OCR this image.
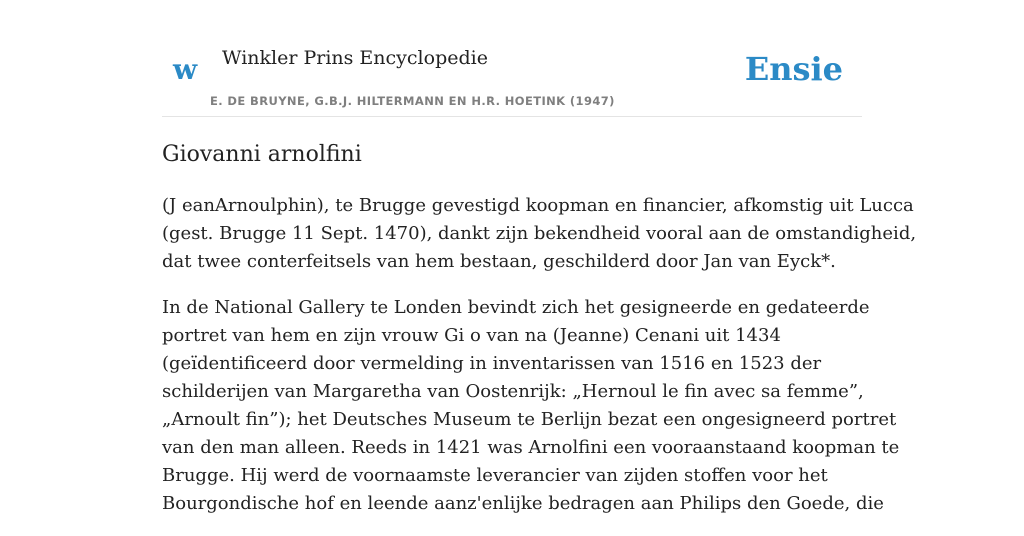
w Winkler Prins Encyclopedie
E. DE BRUYNE, G.B.J. HILTERMANN EN H.R. HOETINK (1947)
Ensie
Giovanni arnolfini

(J eanArnoulphin), te Brugge gevestigd koopman en financier, afkomstig uit Lucca
(gest. Brugge 11 Sept. 1470), dankt zijn bekendheid vooral aan de omstandigheid,
dat twee conterfeitsels van hem bestaan, geschilderd door Jan van Eyck*.

In de National Gallery te Londen bevindt zich het gesigneerde en gedateerde
portret van hem en zijn vrouw Gi o van na (Jeanne) Cenani uit 1434
(geïdentificeerd door vermelding in inventarissen van 1516 en 1523 der
schilderijen van Margaretha van Oostenrijk: „Hernoul le fin avec sa femme”,
„Arnoult fin”); het Deutsches Museum te Berlijn bezat een ongesigneerd portret
van den man alleen. Reeds in 1421 was Arnolfini een vooraanstaand koopman te
Brugge. Hij werd de voornaamste leverancier van zijden stoffen voor het
Bourgondische hof en leende aanz'enlijke bedragen aan Philips den Goede, die
